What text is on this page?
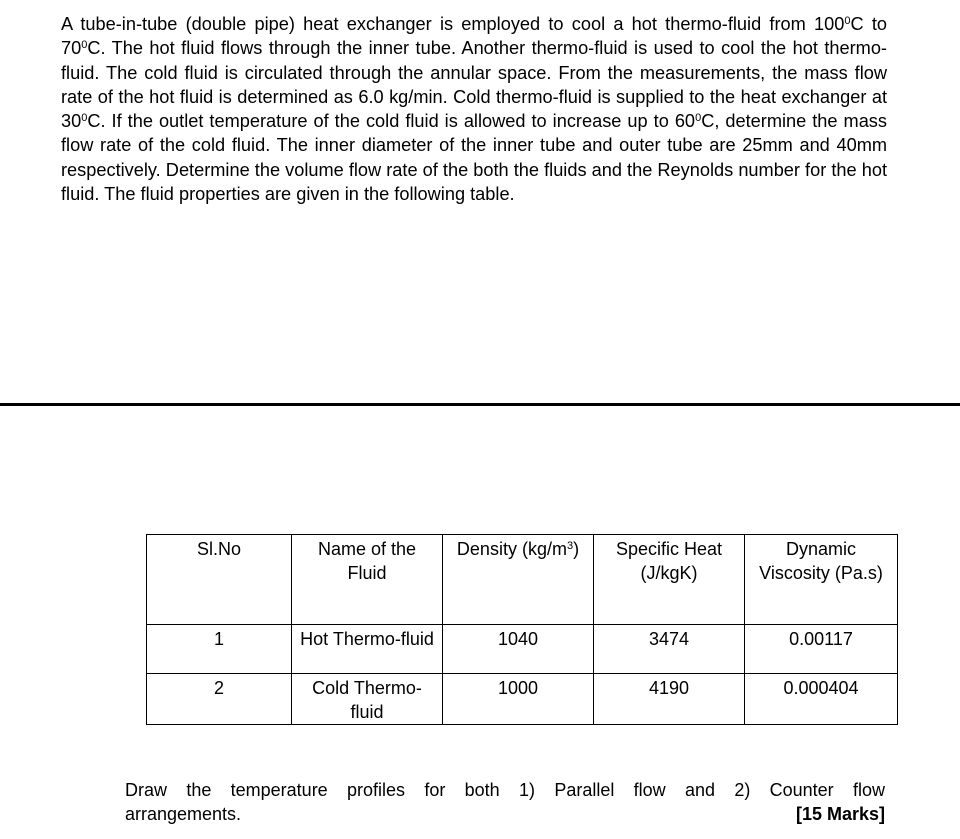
A tube-in-tube (double pipe) heat exchanger is employed to cool a hot thermo-fluid from $100^0C$ to $70^0C$. The hot fluid flows through the inner tube. Another thermo-fluid is used to cool the hot thermo-fluid. The cold fluid is circulated through the annular space. From the measurements, the mass flow rate of the hot fluid is determined as 6.0 kg/min. Cold thermo-fluid is supplied to the heat exchanger at $30^0C$. If the outlet temperature of the cold fluid is allowed to increase up to $60^0C$, determine the mass flow rate of the cold fluid. The inner diameter of the inner tube and outer tube are 25mm and 40mm respectively. Determine the volume flow rate of the both the fluids and the Reynolds number for the hot fluid. The fluid properties are given in the following table.

Sl.No	Name of the Fluid	Density $(kg/m^3)$	Specific Heat (J/kgK)	Dynamic Viscosity (Pa.s)
1	Hot Thermo-fluid	1040	3474	0.00117
2	Cold Thermo-fluid	1000	4190	0.000404
Draw the temperature profiles for both 1) Parallel flow and 2) Counter flow
arrangements.	[15 Marks]
